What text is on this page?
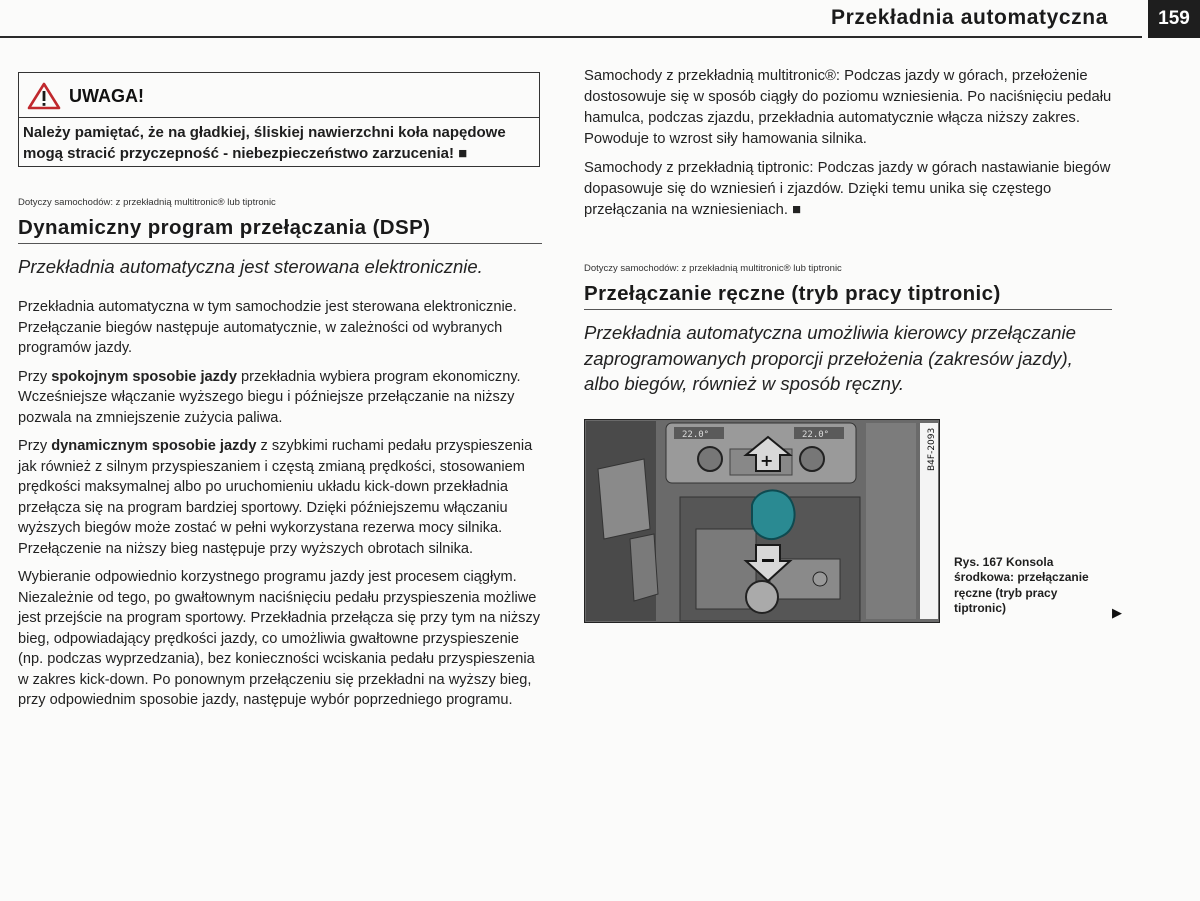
Przekładnia automatyczna	159
UWAGA!
Należy pamiętać, że na gładkiej, śliskiej nawierzchni koła napędowe mogą stracić przyczepność - niebezpieczeństwo zarzucenia! ■
Dotyczy samochodów: z przekładnią multitronic® lub tiptronic
Dynamiczny program przełączania (DSP)
Przekładnia automatyczna jest sterowana elektronicznie.

Przekładnia automatyczna w tym samochodzie jest sterowana elektronicznie. Przełączanie biegów następuje automatycznie, w zależności od wybranych programów jazdy.

Przy spokojnym sposobie jazdy przekładnia wybiera program ekonomiczny. Wcześniejsze włączanie wyższego biegu i późniejsze przełączanie na niższy pozwala na zmniejszenie zużycia paliwa.

Przy dynamicznym sposobie jazdy z szybkimi ruchami pedału przyspieszenia jak również z silnym przyspieszaniem i częstą zmianą prędkości, stosowaniem prędkości maksymalnej albo po uruchomieniu układu kick-down przekładnia przełącza się na program bardziej sportowy. Dzięki późniejszemu włączaniu wyższych biegów może zostać w pełni wykorzystana rezerwa mocy silnika. Przełączenie na niższy bieg następuje przy wyższych obrotach silnika.

Wybieranie odpowiednio korzystnego programu jazdy jest procesem ciągłym. Niezależnie od tego, po gwałtownym naciśnięciu pedału przyspieszenia możliwe jest przejście na program sportowy. Przekładnia przełącza się przy tym na niższy bieg, odpowiadający prędkości jazdy, co umożliwia gwałtowne przyspieszenie (np. podczas wyprzedzania), bez konieczności wciskania pedału przyspieszenia w zakres kick-down. Po ponownym przełączeniu się przekładni na wyższy bieg, przy odpowiednim sposobie jazdy, następuje wybór poprzedniego programu.

Samochody z przekładnią multitronic®: Podczas jazdy w górach, przełożenie dostosowuje się w sposób ciągły do poziomu wzniesienia. Po naciśnięciu pedału hamulca, podczas zjazdu, przekładnia automatycznie włącza niższy zakres. Powoduje to wzrost siły hamowania silnika.

Samochody z przekładnią tiptronic: Podczas jazdy w górach nastawianie biegów dopasowuje się do wzniesień i zjazdów. Dzięki temu unika się częstego przełączania na wzniesieniach. ■

Dotyczy samochodów: z przekładnią multitronic® lub tiptronic
Przełączanie ręczne (tryb pracy tiptronic)
Przekładnia automatyczna umożliwia kierowcy przełączanie zaprogramowanych proporcji przełożenia (zakresów jazdy), albo biegów, również w sposób ręczny.
22.0°	22.0°	B4F-2093
+
Rys. 167 Konsola środkowa: przełączanie ręczne (tryb pracy tiptronic)	▶
